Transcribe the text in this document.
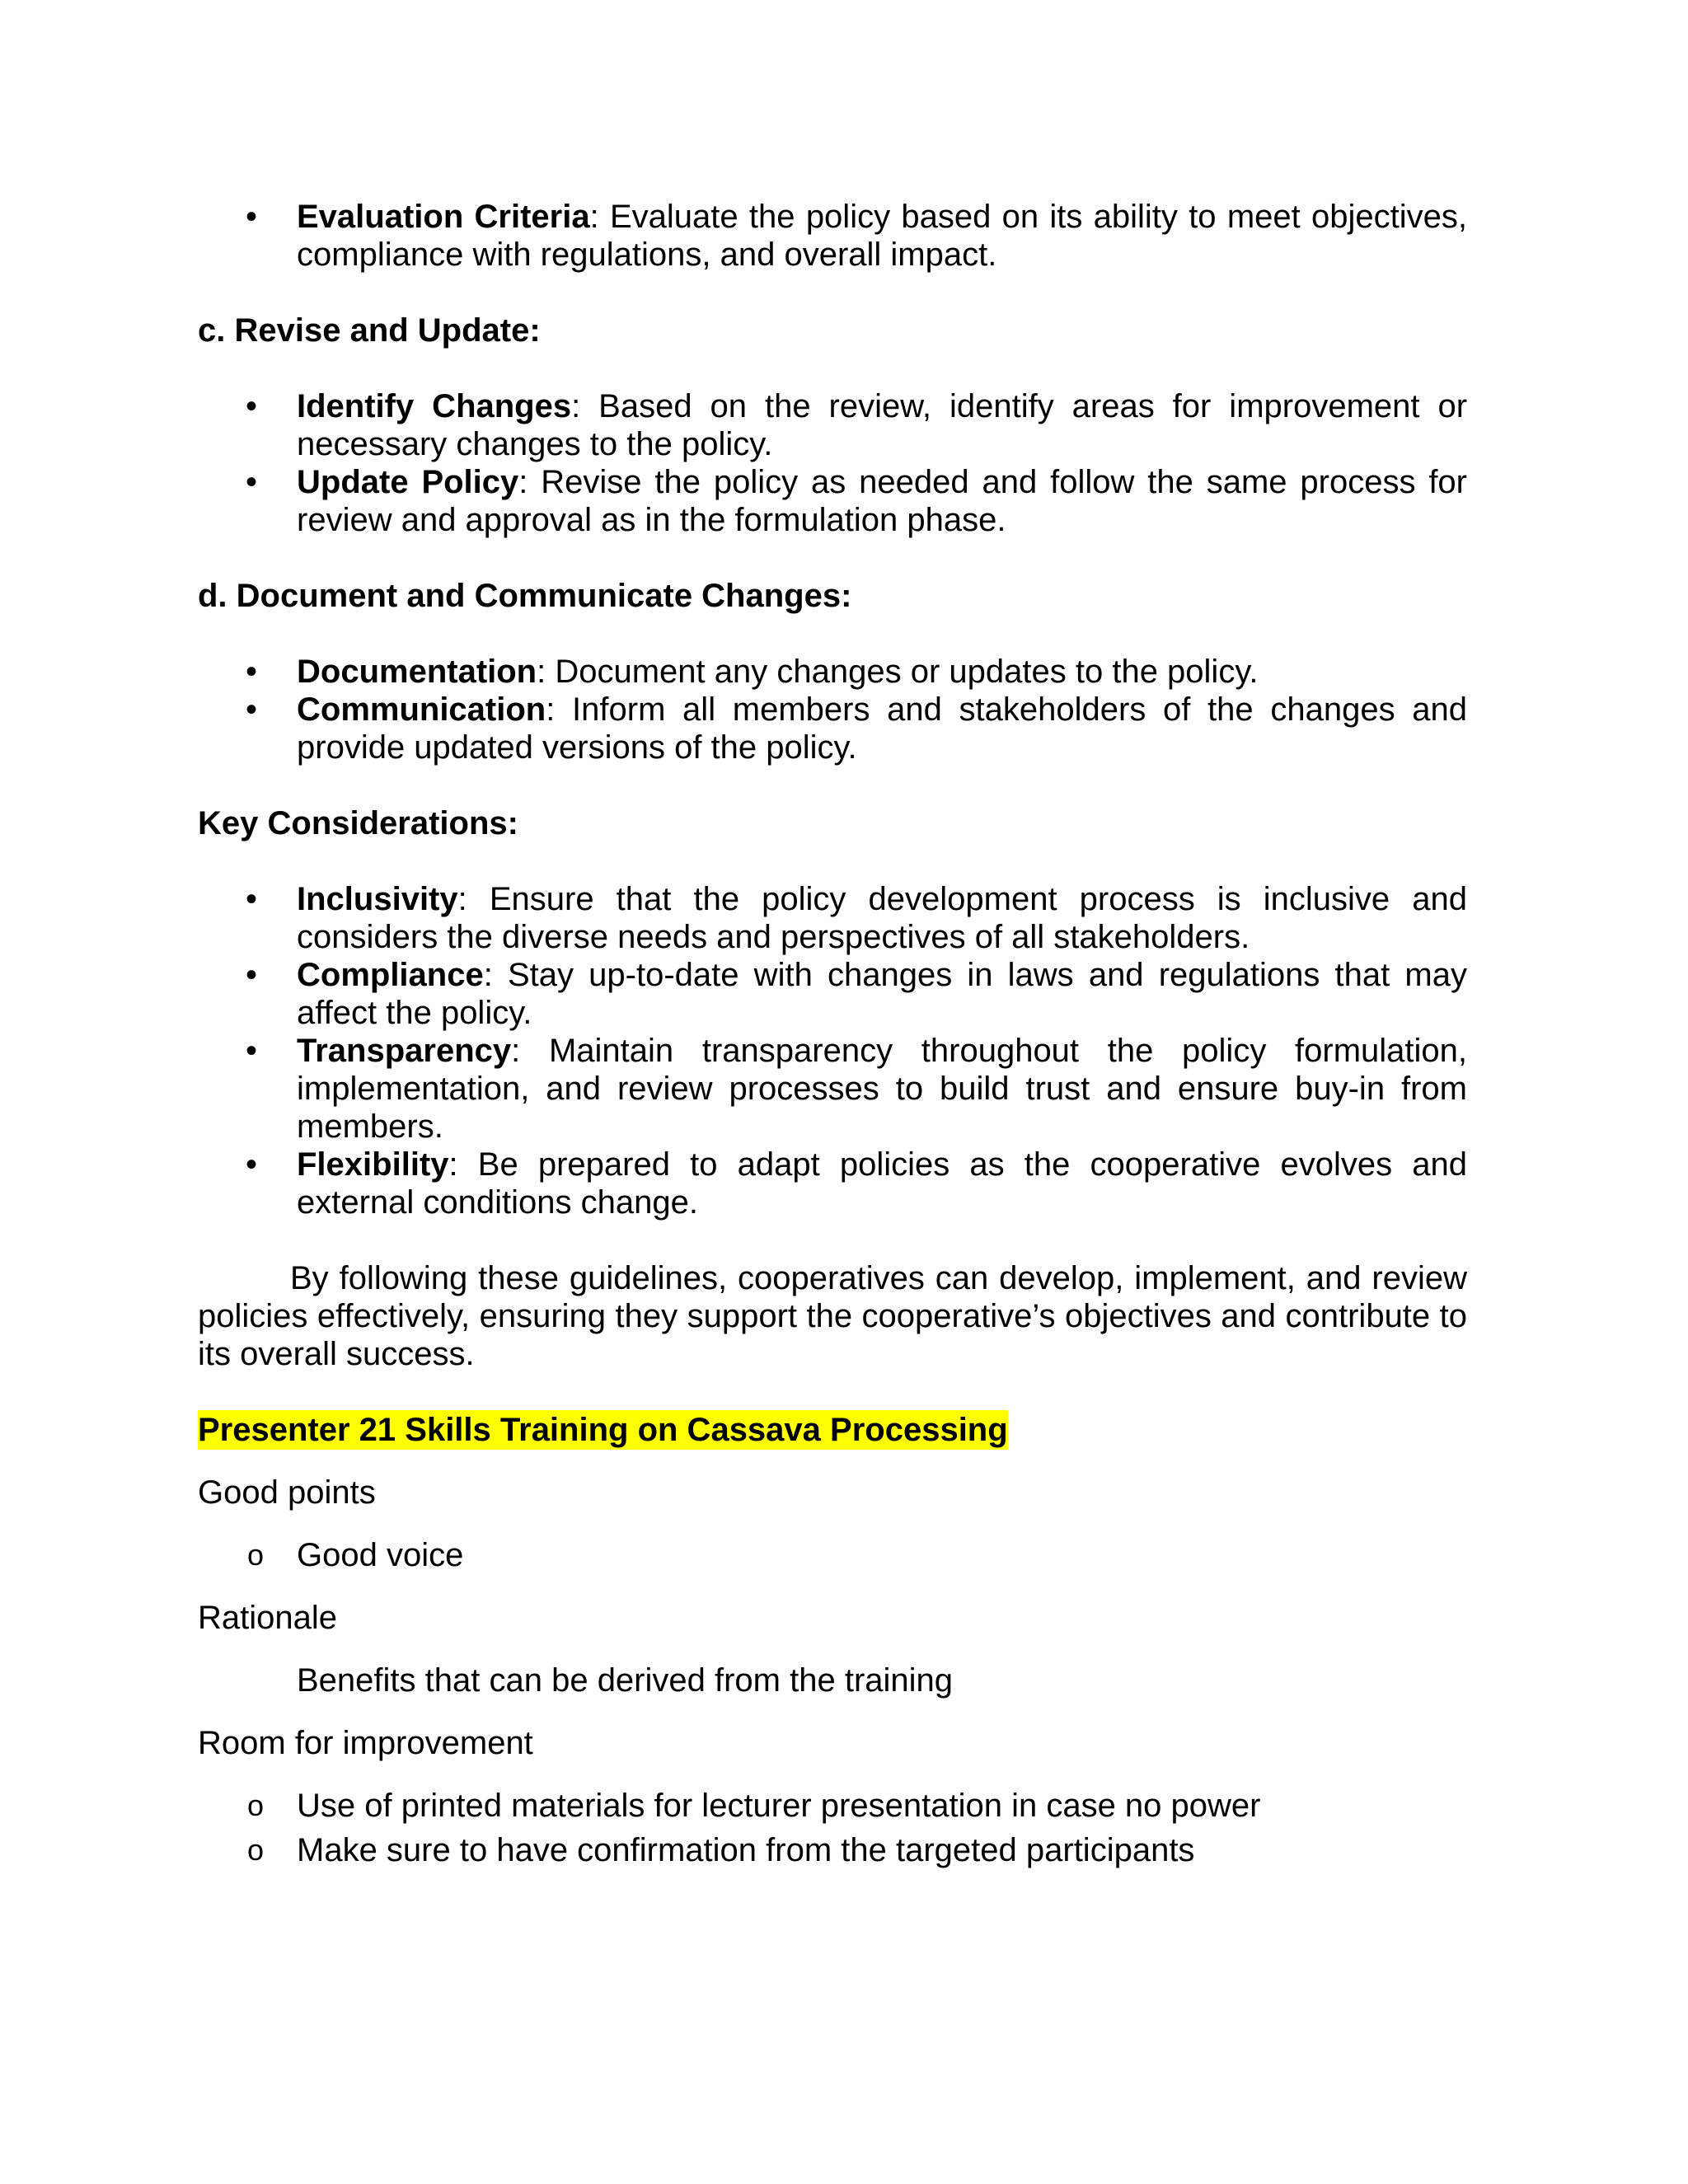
• Evaluation Criteria: Evaluate the policy based on its ability to meet objectives, compliance with regulations, and overall impact.

c. Revise and Update:

• Identify Changes: Based on the review, identify areas for improvement or necessary changes to the policy.
• Update Policy: Revise the policy as needed and follow the same process for review and approval as in the formulation phase.

d. Document and Communicate Changes:

• Documentation: Document any changes or updates to the policy.
• Communication: Inform all members and stakeholders of the changes and provide updated versions of the policy.

Key Considerations:

• Inclusivity: Ensure that the policy development process is inclusive and considers the diverse needs and perspectives of all stakeholders.
• Compliance: Stay up-to-date with changes in laws and regulations that may affect the policy.
• Transparency: Maintain transparency throughout the policy formulation, implementation, and review processes to build trust and ensure buy-in from members.
• Flexibility: Be prepared to adapt policies as the cooperative evolves and external conditions change.

By following these guidelines, cooperatives can develop, implement, and review policies effectively, ensuring they support the cooperative’s objectives and contribute to its overall success.

Presenter 21 Skills Training on Cassava Processing

Good points

o Good voice

Rationale

Benefits that can be derived from the training

Room for improvement

o Use of printed materials for lecturer presentation in case no power
o Make sure to have confirmation from the targeted participants
